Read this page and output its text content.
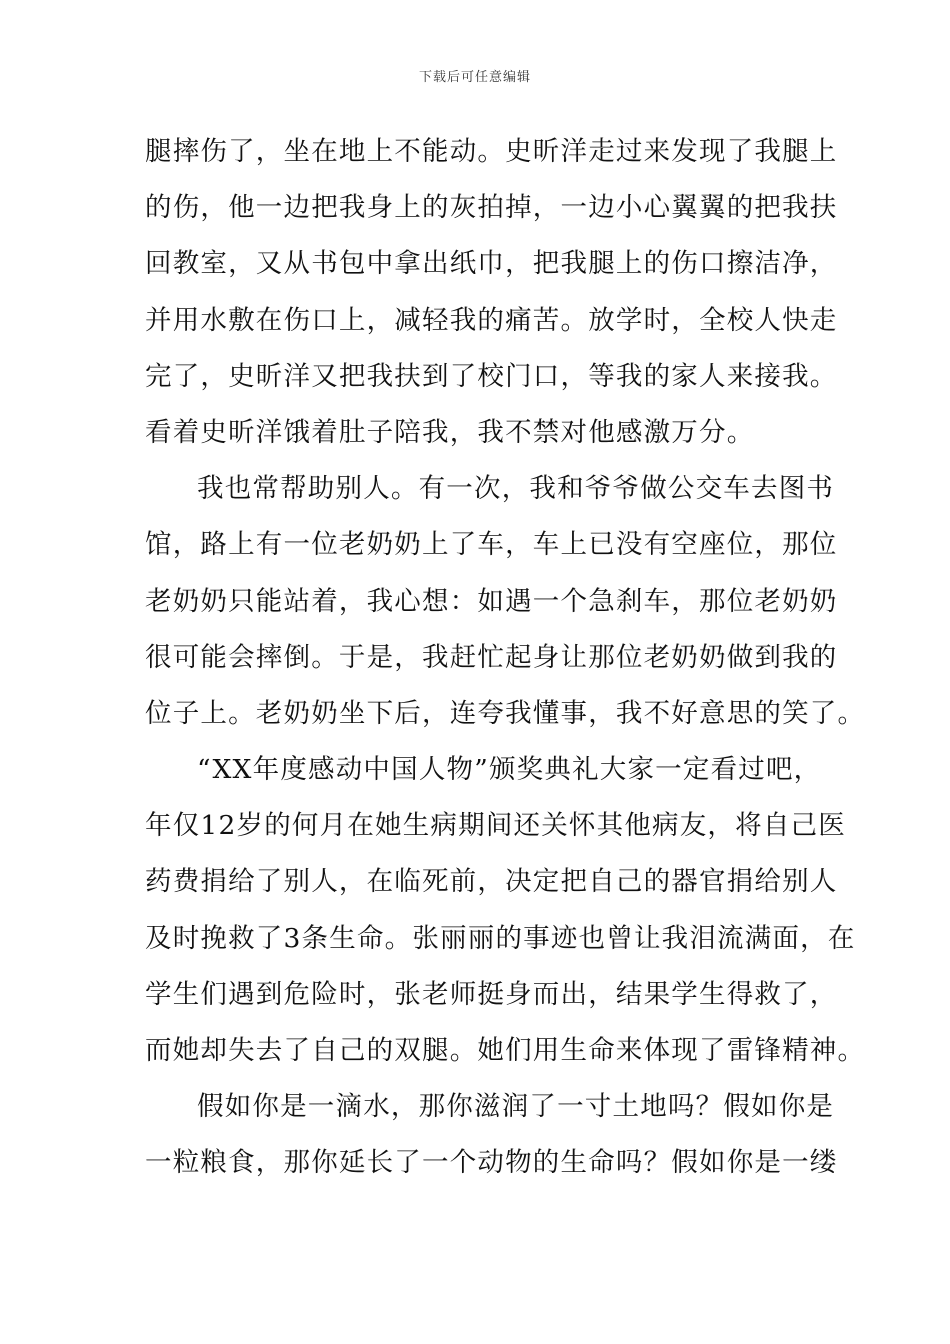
下载后可任意编辑
腿摔伤了，坐在地上不能动。史昕洋走过来发现了我腿上
的伤，他一边把我身上的灰拍掉，一边小心翼翼的把我扶
回教室，又从书包中拿出纸巾，把我腿上的伤口擦洁净，
并用水敷在伤口上，减轻我的痛苦。放学时，全校人快走
完了，史昕洋又把我扶到了校门口，等我的家人来接我。
看着史昕洋饿着肚子陪我，我不禁对他感激万分。
我也常帮助别人。有一次，我和爷爷做公交车去图书
馆，路上有一位老奶奶上了车，车上已没有空座位，那位
老奶奶只能站着，我心想：如遇一个急刹车，那位老奶奶
很可能会摔倒。于是，我赶忙起身让那位老奶奶做到我的
位子上。老奶奶坐下后，连夸我懂事，我不好意思的笑了。
“XX年度感动中国人物”颁奖典礼大家一定看过吧，
年仅12岁的何月在她生病期间还关怀其他病友，将自己医
药费捐给了别人，在临死前，决定把自己的器官捐给别人
及时挽救了3条生命。张丽丽的事迹也曾让我泪流满面，在
学生们遇到危险时，张老师挺身而出，结果学生得救了，
而她却失去了自己的双腿。她们用生命来体现了雷锋精神。
假如你是一滴水，那你滋润了一寸土地吗？假如你是
一粒粮食，那你延长了一个动物的生命吗？假如你是一缕
